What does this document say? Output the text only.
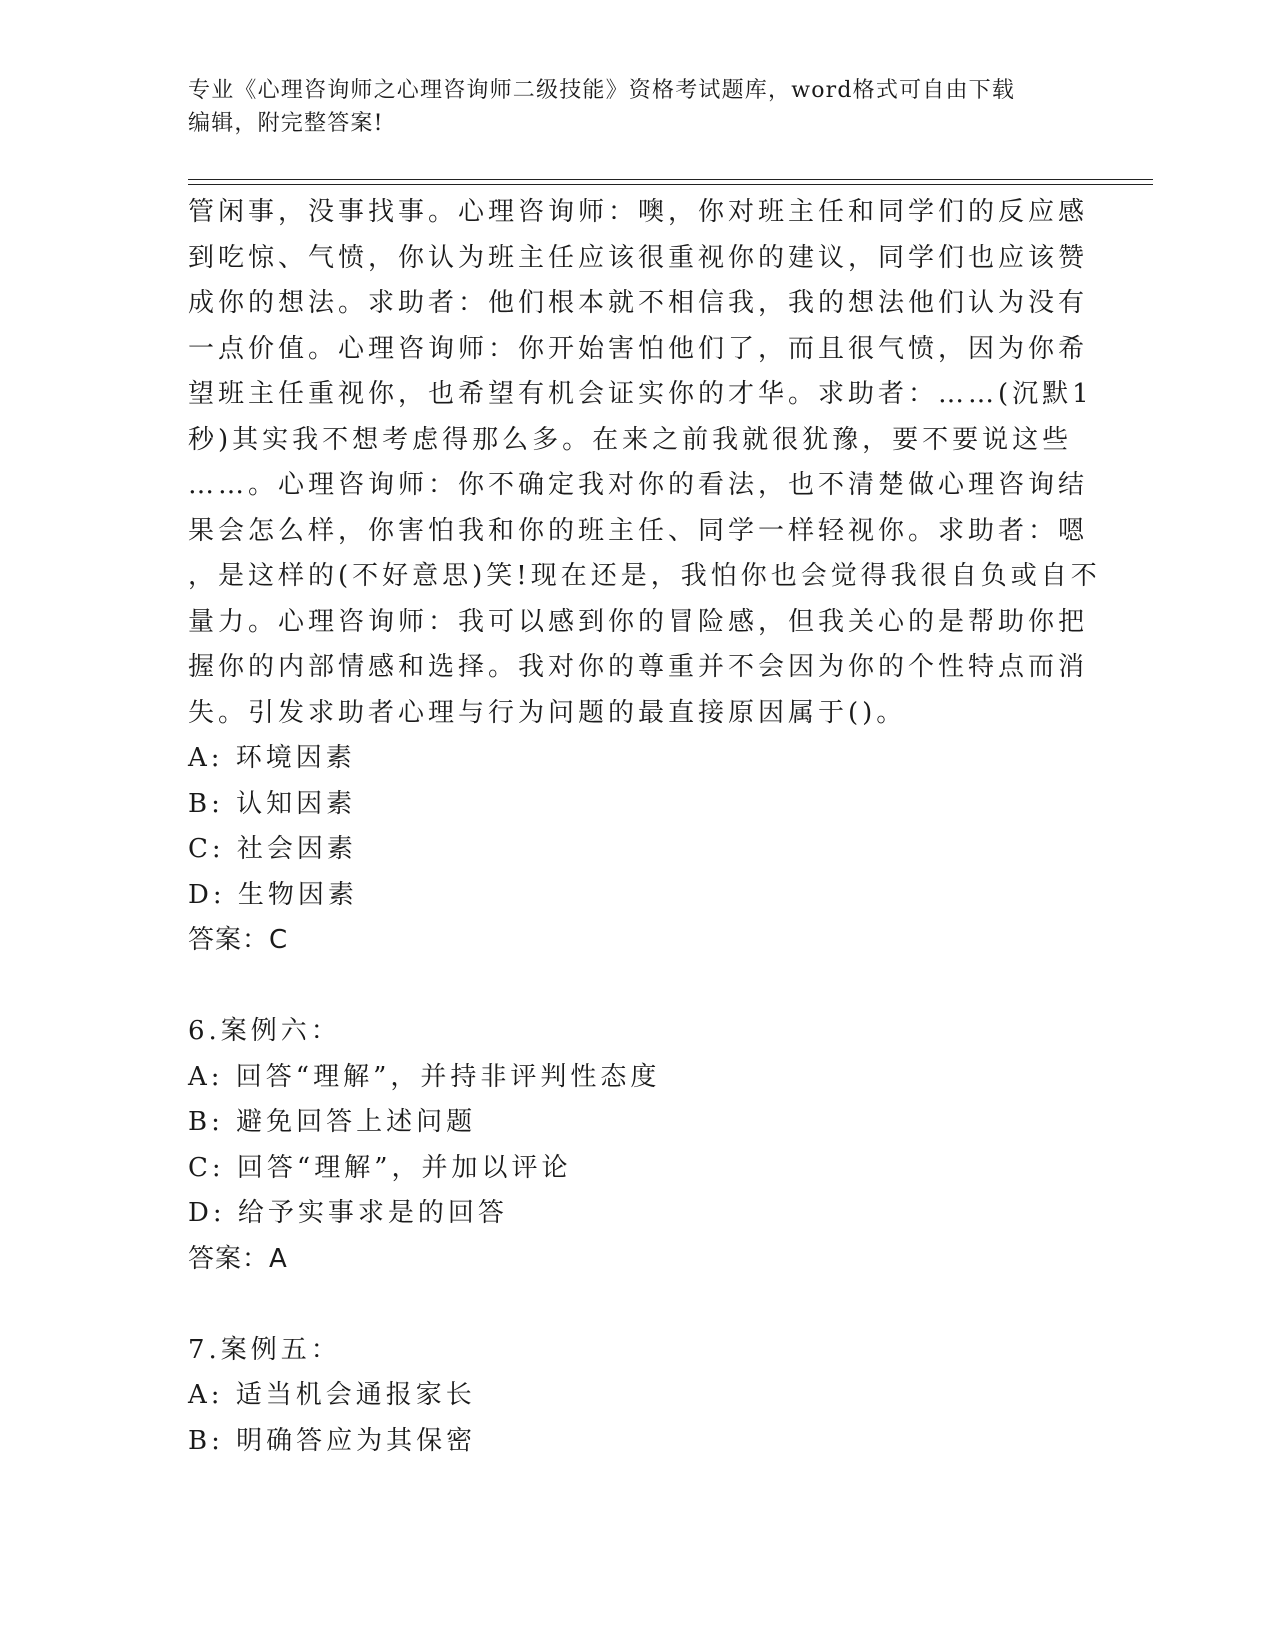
专业《心理咨询师之心理咨询师二级技能》资格考试题库，word格式可自由下载
编辑，附完整答案!

管闲事，没事找事。心理咨询师：噢，你对班主任和同学们的反应感

到吃惊、气愤，你认为班主任应该很重视你的建议，同学们也应该赞

成你的想法。求助者：他们根本就不相信我，我的想法他们认为没有

一点价值。心理咨询师：你开始害怕他们了，而且很气愤，因为你希

望班主任重视你，也希望有机会证实你的才华。求助者：……(沉默1

秒)其实我不想考虑得那么多。在来之前我就很犹豫，要不要说这些

……。心理咨询师：你不确定我对你的看法，也不清楚做心理咨询结

果会怎么样，你害怕我和你的班主任、同学一样轻视你。求助者：嗯

，是这样的(不好意思)笑!现在还是，我怕你也会觉得我很自负或自不

量力。心理咨询师：我可以感到你的冒险感，但我关心的是帮助你把

握你的内部情感和选择。我对你的尊重并不会因为你的个性特点而消

失。引发求助者心理与行为问题的最直接原因属于()。

A: 环境因素

B: 认知因素

C: 社会因素

D: 生物因素

答案：C

6.案例六：

A: 回答“理解”，并持非评判性态度

B: 避免回答上述问题

C: 回答“理解”，并加以评论

D: 给予实事求是的回答

答案：A

7.案例五：

A: 适当机会通报家长

B: 明确答应为其保密
